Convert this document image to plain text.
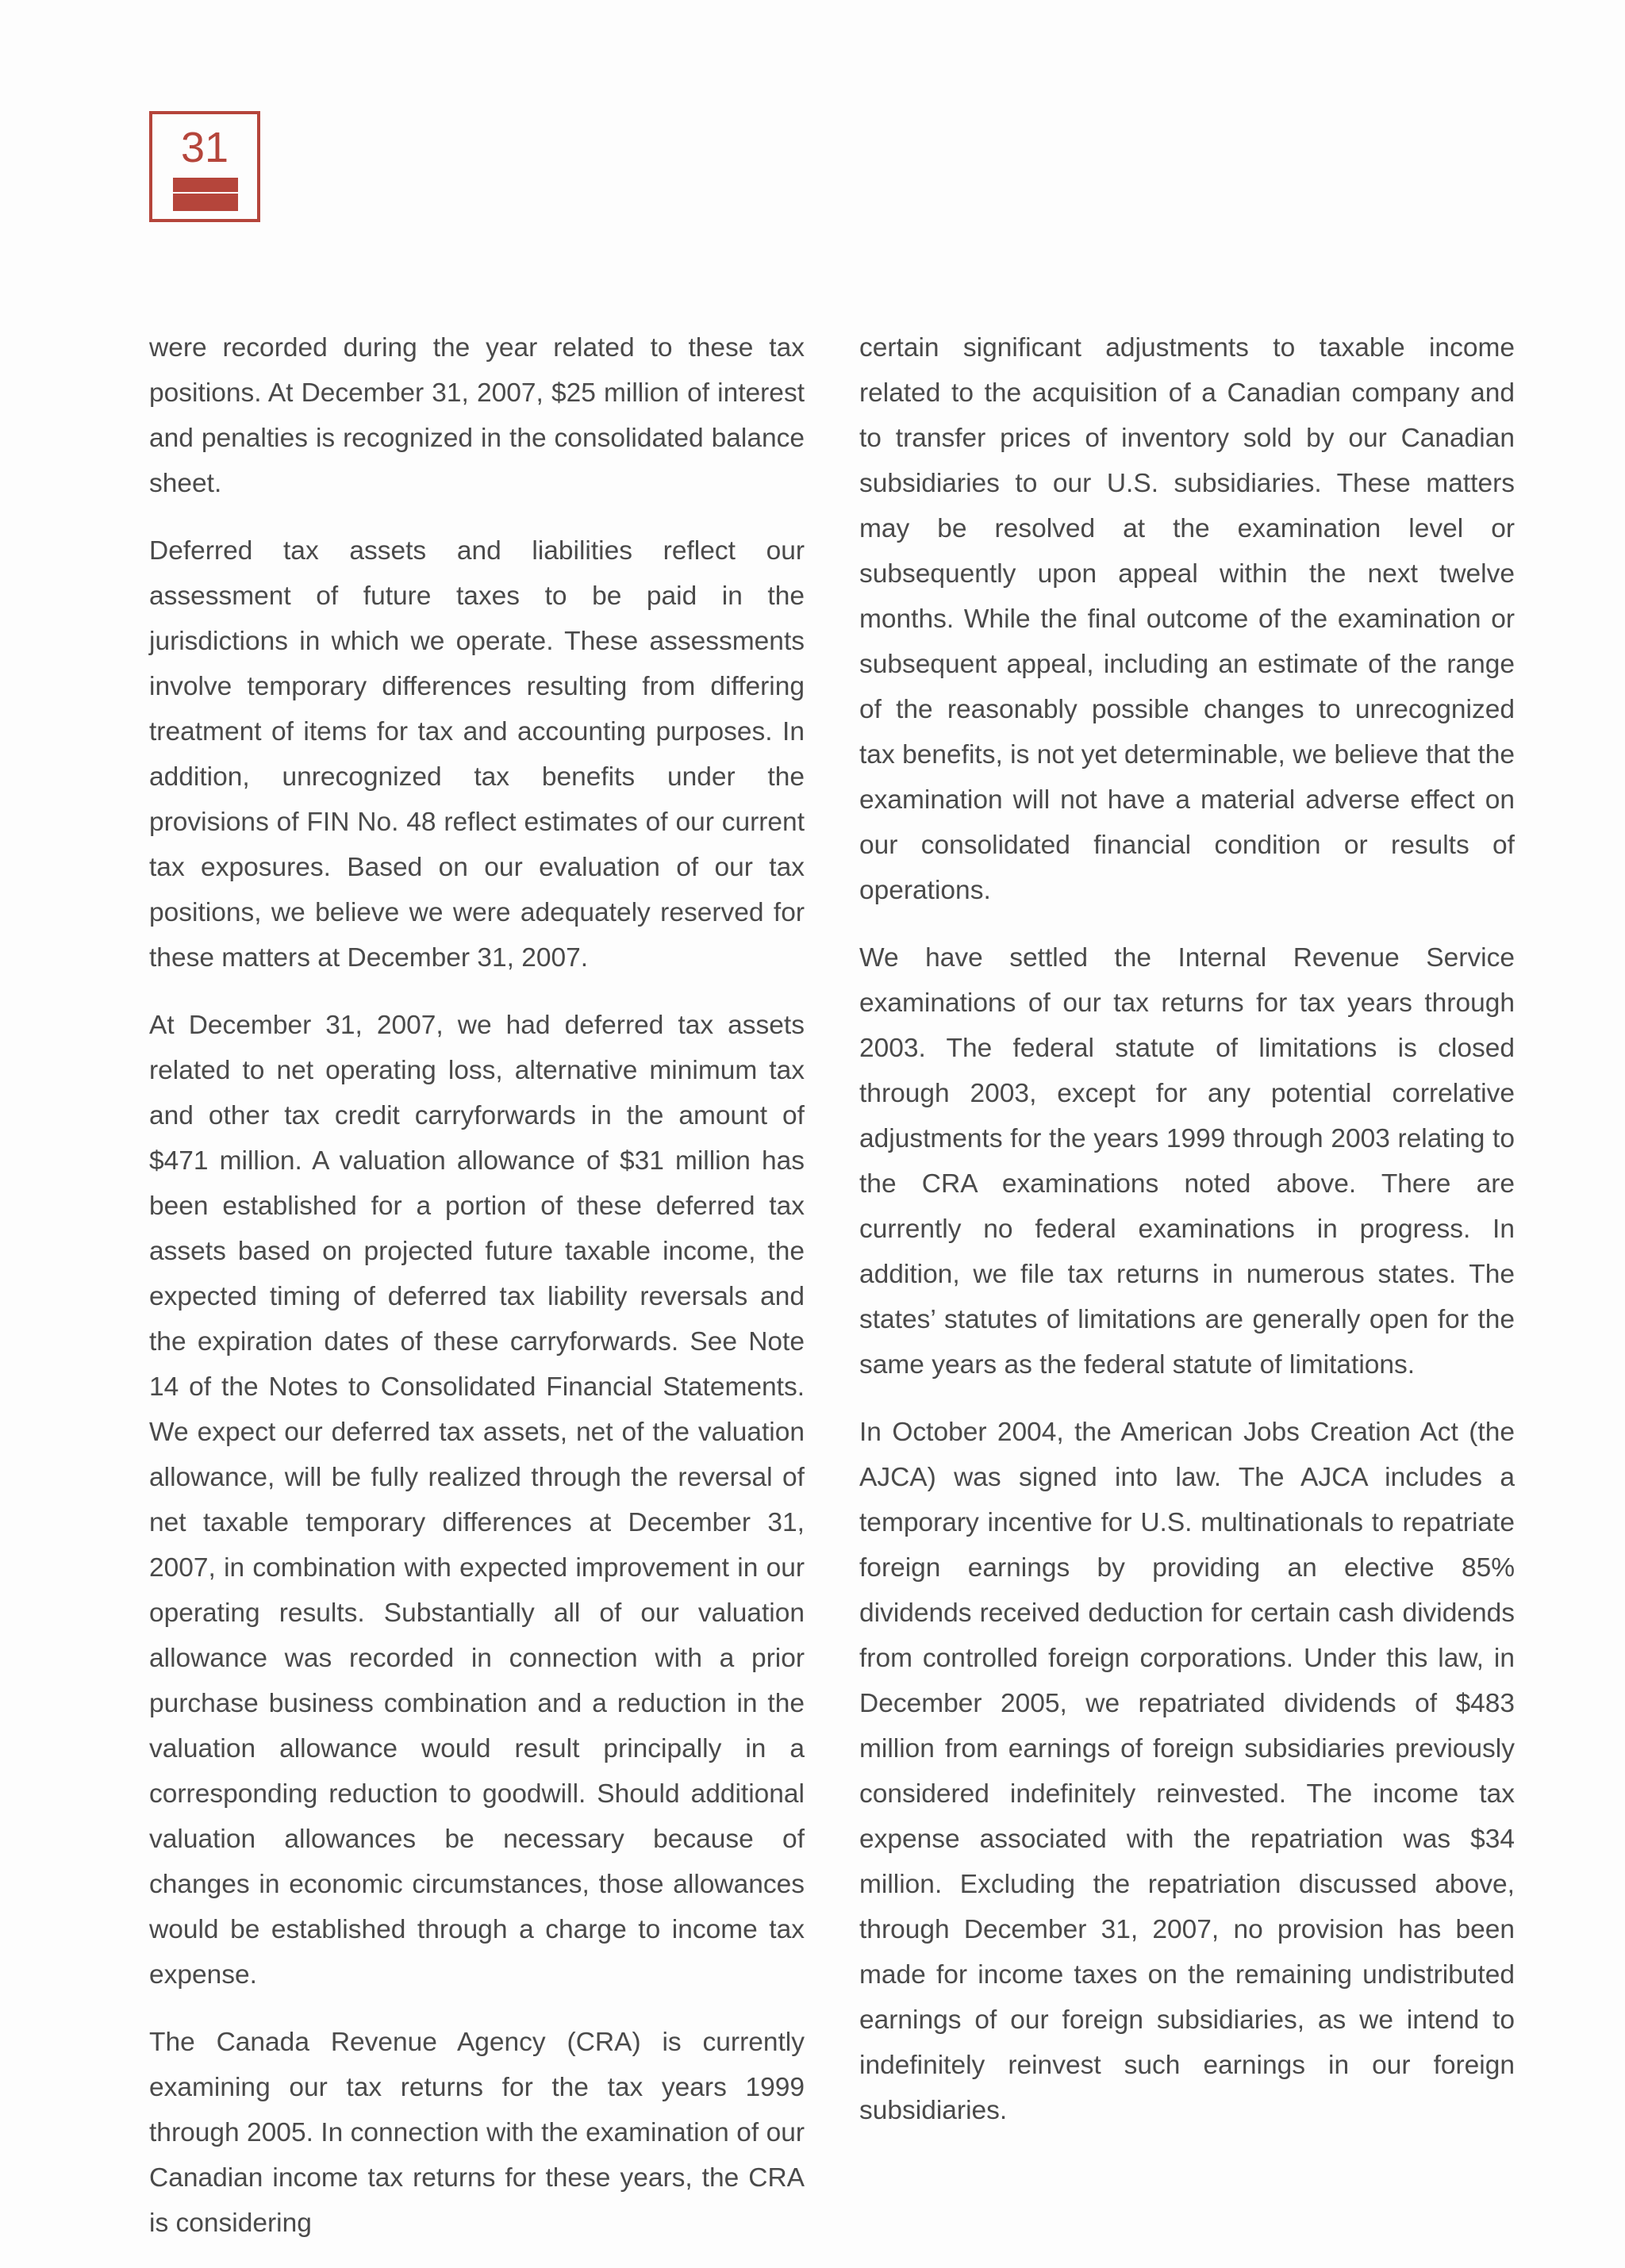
31

were recorded during the year related to these tax positions. At December 31, 2007, $25 million of interest and penalties is recognized in the consolidated balance sheet.

Deferred tax assets and liabilities reflect our assessment of future taxes to be paid in the jurisdictions in which we operate. These assessments involve temporary differences resulting from differing treatment of items for tax and accounting purposes. In addition, unrecognized tax benefits under the provisions of FIN No. 48 reflect estimates of our current tax exposures. Based on our evaluation of our tax positions, we believe we were adequately reserved for these matters at December 31, 2007.

At December 31, 2007, we had deferred tax assets related to net operating loss, alternative minimum tax and other tax credit carryforwards in the amount of $471 million. A valuation allowance of $31 million has been established for a portion of these deferred tax assets based on projected future taxable income, the expected timing of deferred tax liability reversals and the expiration dates of these carryforwards. See Note 14 of the Notes to Consolidated Financial Statements. We expect our deferred tax assets, net of the valuation allowance, will be fully realized through the reversal of net taxable temporary differences at December 31, 2007, in combination with expected improvement in our operating results. Substantially all of our valuation allowance was recorded in connection with a prior purchase business combination and a reduction in the valuation allowance would result principally in a corresponding reduction to goodwill. Should additional valuation allowances be necessary because of changes in economic circumstances, those allowances would be established through a charge to income tax expense.

The Canada Revenue Agency (CRA) is currently examining our tax returns for the tax years 1999 through 2005. In connection with the examination of our Canadian income tax returns for these years, the CRA is considering

certain significant adjustments to taxable income related to the acquisition of a Canadian company and to transfer prices of inventory sold by our Canadian subsidiaries to our U.S. subsidiaries. These matters may be resolved at the examination level or subsequently upon appeal within the next twelve months. While the final outcome of the examination or subsequent appeal, including an estimate of the range of the reasonably possible changes to unrecognized tax benefits, is not yet determinable, we believe that the examination will not have a material adverse effect on our consolidated financial condition or results of operations.

We have settled the Internal Revenue Service examinations of our tax returns for tax years through 2003. The federal statute of limitations is closed through 2003, except for any potential correlative adjustments for the years 1999 through 2003 relating to the CRA examinations noted above. There are currently no federal examinations in progress. In addition, we file tax returns in numerous states. The states’ statutes of limitations are generally open for the same years as the federal statute of limitations.

In October 2004, the American Jobs Creation Act (the AJCA) was signed into law. The AJCA includes a temporary incentive for U.S. multinationals to repatriate foreign earnings by providing an elective 85% dividends received deduction for certain cash dividends from controlled foreign corporations. Under this law, in December 2005, we repatriated dividends of $483 million from earnings of foreign subsidiaries previously considered indefinitely reinvested. The income tax expense associated with the repatriation was $34 million. Excluding the repatriation discussed above, through December 31, 2007, no provision has been made for income taxes on the remaining undistributed earnings of our foreign subsidiaries, as we intend to indefinitely reinvest such earnings in our foreign subsidiaries.
